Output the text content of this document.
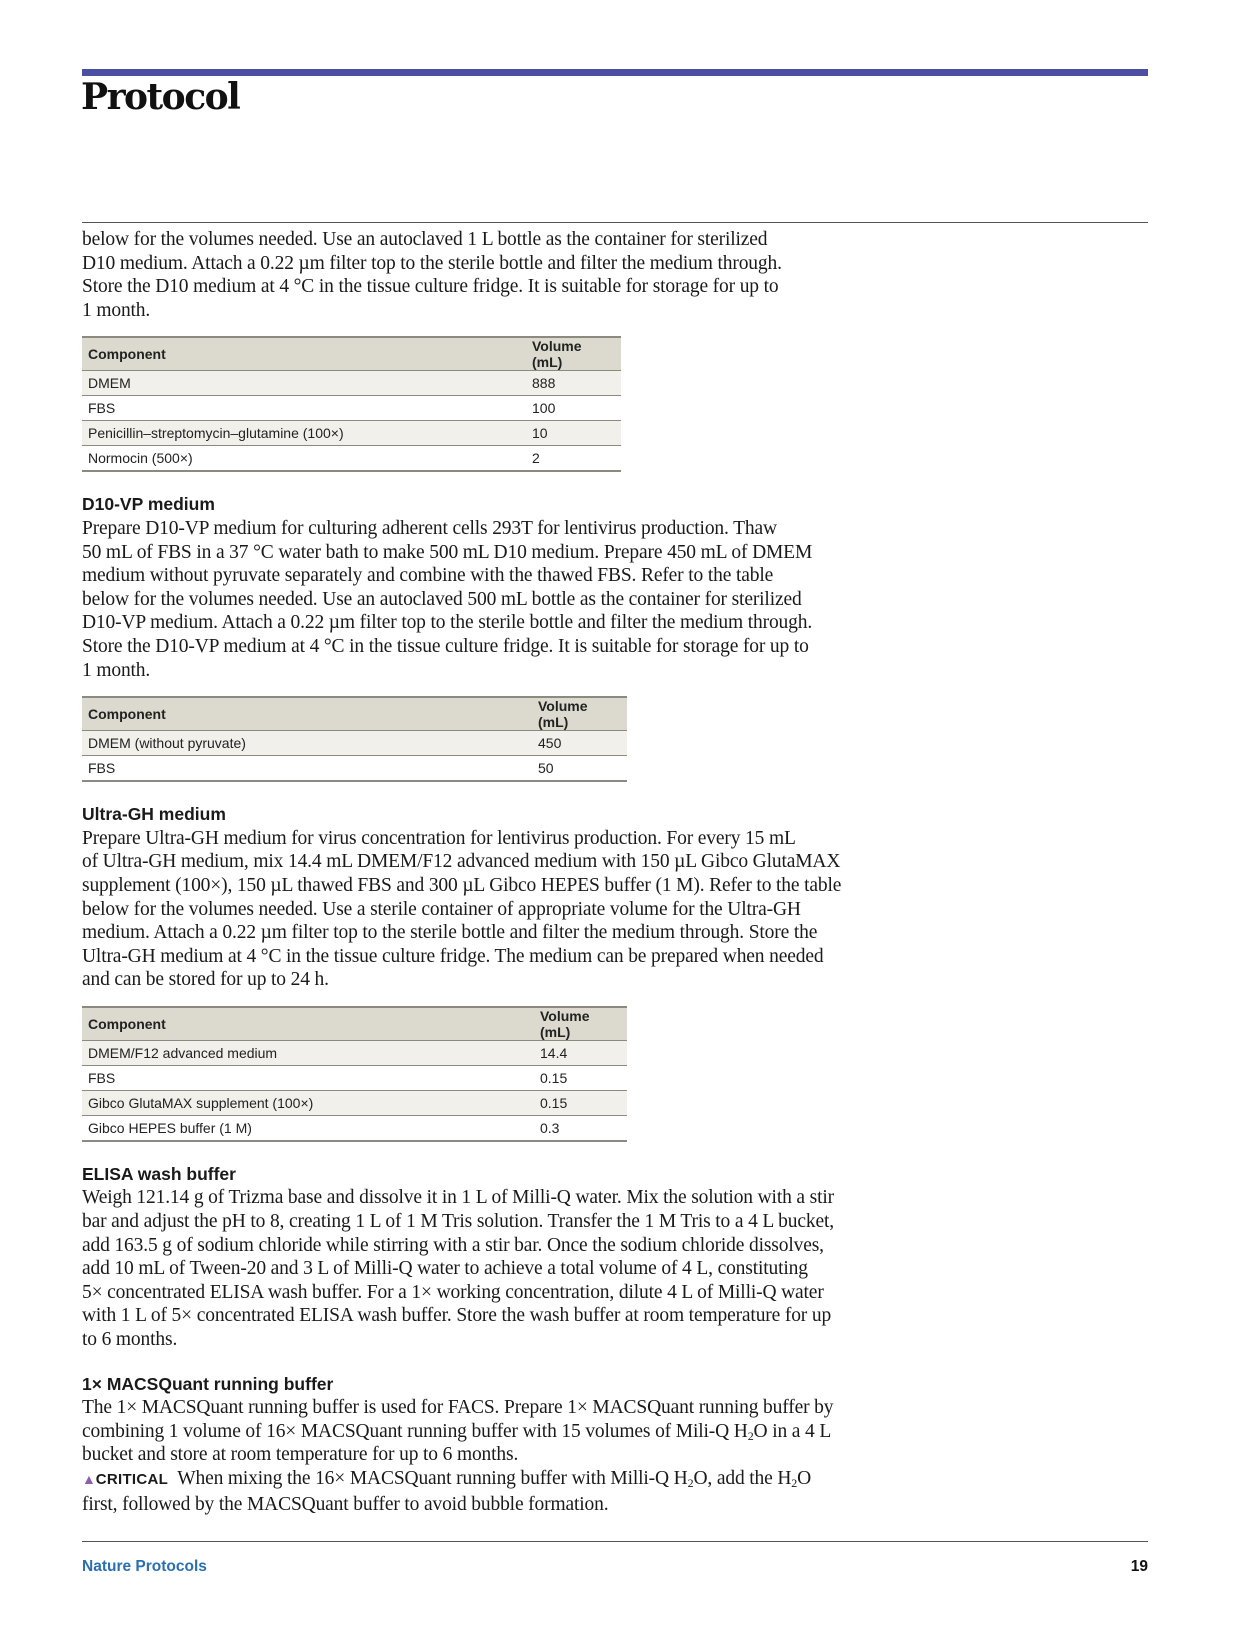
Protocol

below for the volumes needed. Use an autoclaved 1 L bottle as the container for sterilized
D10 medium. Attach a 0.22 µm filter top to the sterile bottle and filter the medium through.
Store the D10 medium at 4 °C in the tissue culture fridge. It is suitable for storage for up to
1 month.

Component	Volume (mL)
DMEM	888
FBS	100
Penicillin–streptomycin–glutamine (100×)	10
Normocin (500×)	2

D10-VP medium

Prepare D10-VP medium for culturing adherent cells 293T for lentivirus production. Thaw
50 mL of FBS in a 37 °C water bath to make 500 mL D10 medium. Prepare 450 mL of DMEM
medium without pyruvate separately and combine with the thawed FBS. Refer to the table
below for the volumes needed. Use an autoclaved 500 mL bottle as the container for sterilized
D10-VP medium. Attach a 0.22 µm filter top to the sterile bottle and filter the medium through.
Store the D10-VP medium at 4 °C in the tissue culture fridge. It is suitable for storage for up to
1 month.

Component	Volume (mL)
DMEM (without pyruvate)	450
FBS	50

Ultra-GH medium

Prepare Ultra-GH medium for virus concentration for lentivirus production. For every 15 mL
of Ultra-GH medium, mix 14.4 mL DMEM/F12 advanced medium with 150 µL Gibco GlutaMAX
supplement (100×), 150 µL thawed FBS and 300 µL Gibco HEPES buffer (1 M). Refer to the table
below for the volumes needed. Use a sterile container of appropriate volume for the Ultra-GH
medium. Attach a 0.22 µm filter top to the sterile bottle and filter the medium through. Store the
Ultra-GH medium at 4 °C in the tissue culture fridge. The medium can be prepared when needed
and can be stored for up to 24 h.

Component	Volume (mL)
DMEM/F12 advanced medium	14.4
FBS	0.15
Gibco GlutaMAX supplement (100×)	0.15
Gibco HEPES buffer (1 M)	0.3

ELISA wash buffer

Weigh 121.14 g of Trizma base and dissolve it in 1 L of Milli-Q water. Mix the solution with a stir
bar and adjust the pH to 8, creating 1 L of 1 M Tris solution. Transfer the 1 M Tris to a 4 L bucket,
add 163.5 g of sodium chloride while stirring with a stir bar. Once the sodium chloride dissolves,
add 10 mL of Tween-20 and 3 L of Milli-Q water to achieve a total volume of 4 L, constituting
5× concentrated ELISA wash buffer. For a 1× working concentration, dilute 4 L of Milli-Q water
with 1 L of 5× concentrated ELISA wash buffer. Store the wash buffer at room temperature for up
to 6 months.

1× MACSQuant running buffer

The 1× MACSQuant running buffer is used for FACS. Prepare 1× MACSQuant running buffer by
combining 1 volume of 16× MACSQuant running buffer with 15 volumes of Mili-Q $H_2O$ in a 4 L
bucket and store at room temperature for up to 6 months.
▲CRITICAL When mixing the 16× MACSQuant running buffer with Milli-Q $H_2O$, add the $H_2O$
first, followed by the MACSQuant buffer to avoid bubble formation.

Nature Protocols	19
